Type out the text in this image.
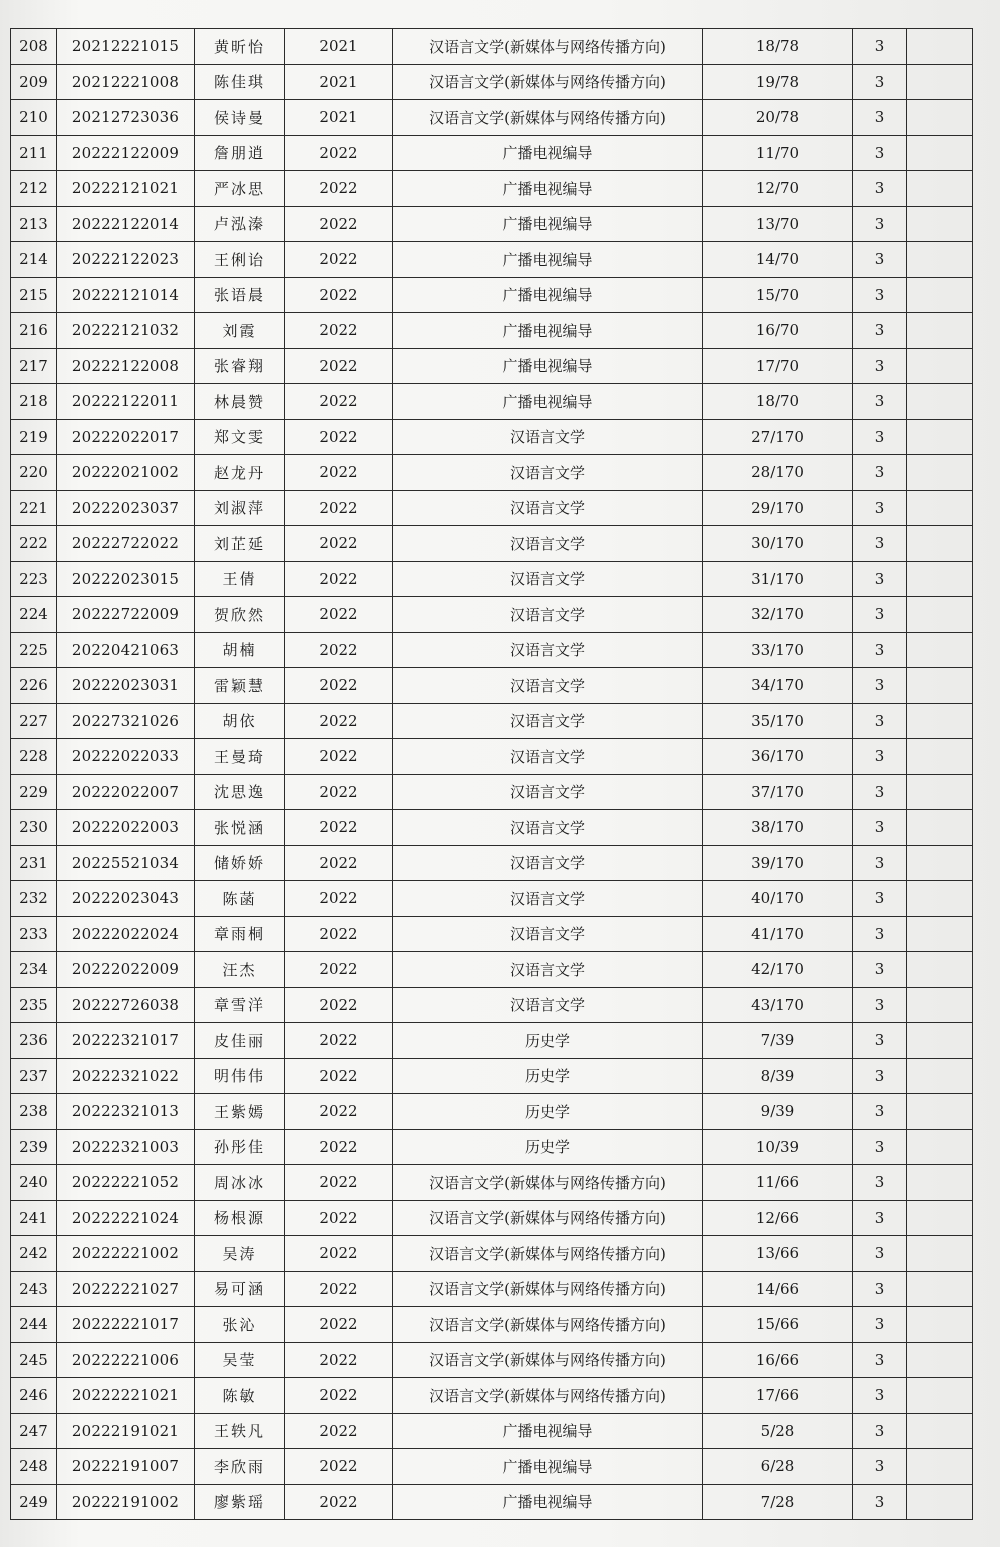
208	20212221015	黄昕怡	2021	汉语言文学(新媒体与网络传播方向)	18/78	3	
209	20212221008	陈佳琪	2021	汉语言文学(新媒体与网络传播方向)	19/78	3	
210	20212723036	侯诗曼	2021	汉语言文学(新媒体与网络传播方向)	20/78	3	
211	20222122009	詹朋逍	2022	广播电视编导	11/70	3	
212	20222121021	严冰思	2022	广播电视编导	12/70	3	
213	20222122014	卢泓溱	2022	广播电视编导	13/70	3	
214	20222122023	王俐诒	2022	广播电视编导	14/70	3	
215	20222121014	张语晨	2022	广播电视编导	15/70	3	
216	20222121032	刘霞	2022	广播电视编导	16/70	3	
217	20222122008	张睿翔	2022	广播电视编导	17/70	3	
218	20222122011	林晨赞	2022	广播电视编导	18/70	3	
219	20222022017	郑文雯	2022	汉语言文学	27/170	3	
220	20222021002	赵龙丹	2022	汉语言文学	28/170	3	
221	20222023037	刘淑萍	2022	汉语言文学	29/170	3	
222	20222722022	刘芷延	2022	汉语言文学	30/170	3	
223	20222023015	王倩	2022	汉语言文学	31/170	3	
224	20222722009	贺欣然	2022	汉语言文学	32/170	3	
225	20220421063	胡楠	2022	汉语言文学	33/170	3	
226	20222023031	雷颖慧	2022	汉语言文学	34/170	3	
227	20227321026	胡依	2022	汉语言文学	35/170	3	
228	20222022033	王曼琦	2022	汉语言文学	36/170	3	
229	20222022007	沈思逸	2022	汉语言文学	37/170	3	
230	20222022003	张悦涵	2022	汉语言文学	38/170	3	
231	20225521034	储娇娇	2022	汉语言文学	39/170	3	
232	20222023043	陈菡	2022	汉语言文学	40/170	3	
233	20222022024	章雨桐	2022	汉语言文学	41/170	3	
234	20222022009	汪杰	2022	汉语言文学	42/170	3	
235	20222726038	章雪洋	2022	汉语言文学	43/170	3	
236	20222321017	皮佳丽	2022	历史学	7/39	3	
237	20222321022	明伟伟	2022	历史学	8/39	3	
238	20222321013	王紫嫣	2022	历史学	9/39	3	
239	20222321003	孙彤佳	2022	历史学	10/39	3	
240	20222221052	周冰冰	2022	汉语言文学(新媒体与网络传播方向)	11/66	3	
241	20222221024	杨根源	2022	汉语言文学(新媒体与网络传播方向)	12/66	3	
242	20222221002	吴涛	2022	汉语言文学(新媒体与网络传播方向)	13/66	3	
243	20222221027	易可涵	2022	汉语言文学(新媒体与网络传播方向)	14/66	3	
244	20222221017	张沁	2022	汉语言文学(新媒体与网络传播方向)	15/66	3	
245	20222221006	吴莹	2022	汉语言文学(新媒体与网络传播方向)	16/66	3	
246	20222221021	陈敏	2022	汉语言文学(新媒体与网络传播方向)	17/66	3	
247	20222191021	王轶凡	2022	广播电视编导	5/28	3	
248	20222191007	李欣雨	2022	广播电视编导	6/28	3	
249	20222191002	廖紫瑶	2022	广播电视编导	7/28	3	
